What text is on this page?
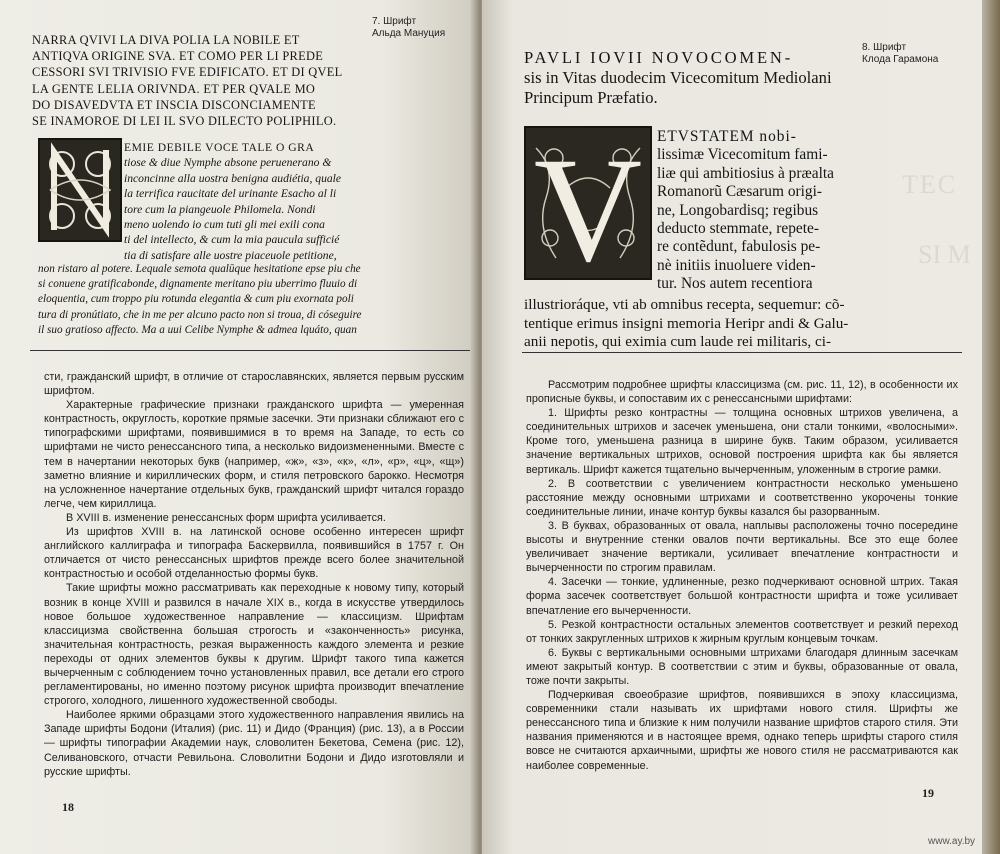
7. Шрифт
Альда Мануция
NARRA QVIVI LA DIVA POLIA LA NOBILE ET
ANTIQVA ORIGINE SVA. ET COMO PER LI PREDE
CESSORI SVI TRIVISIO FVE EDIFICATO. ET DI QVEL
LA GENTE LELIA ORIVNDA. ET PER QVALE MO
DO DISAVEDVTA ET INSCIA DISCONCIAMENTE
SE INAMOROE DI LEI IL SVO DILECTO POLIPHILO.
EMIE DEBILE VOCE TALE O GRA
tiose & diue Nymphe absone peruenerano &
inconcinne alla uostra benigna audiétia, quale
la terrifica raucitate del urinante Esacho al li
tore cum la piangeuole Philomela. Nondi
meno uolendo io cum tuti gli mei exili cona
ti del intellecto, & cum la mia paucula sufficié
tia di satisfare alle uostre piaceuole petitione,
non ristaro al potere. Lequale semota qualūque hesitatione epse piu che
si conuene gratificabonde, dignamente meritano piu uberrimo fluuio di
eloquentia, cum troppo piu rotunda elegantia & cum piu exornata poli
tura di pronútiato, che in me per alcuno pacto non si troua, di cóseguire
il suo gratioso affecto. Ma a uui Celibe Nymphe & admea lquáto, quan

сти, гражданский шрифт, в отличие от старославянских, является первым русским шрифтом.

Характерные графические признаки гражданского шрифта — умеренная контрастность, округлость, короткие прямые засечки. Эти признаки сближают его с типографскими шрифтами, появившимися в то время на Западе, то есть со шрифтами не чисто ренессансного типа, а несколько видоизмененными. Вместе с тем в начертании некоторых букв (например, «ж», «з», «к», «л», «р», «ц», «щ») заметно влияние и кириллических форм, и стиля петровского барокко. Несмотря на усложненное начертание отдельных букв, гражданский шрифт читался гораздо легче, чем кириллица.

В XVIII в. изменение ренессансных форм шрифта усиливается.

Из шрифтов XVIII в. на латинской основе особенно интересен шрифт английского каллиграфа и типографа Баскервилла, появившийся в 1757 г. Он отличается от чисто ренессансных шрифтов прежде всего более значительной контрастностью и особой отделанностью формы букв.

Такие шрифты можно рассматривать как переходные к новому типу, который возник в конце XVIII и развился в начале XIX в., когда в искусстве утвердилось новое большое художественное направление — классицизм. Шрифтам классицизма свойственна большая строгость и «законченность» рисунка, значительная контрастность, резкая выраженность каждого элемента и резкие переходы от одних элементов буквы к другим. Шрифт такого типа кажется вычерченным с соблюдением точно установленных правил, все детали его строго регламентированы, но именно поэтому рисунок шрифта производит впечатление строгого, холодного, лишенного художественной свободы.

Наиболее яркими образцами этого художественного направления явились на Западе шрифты Бодони (Италия) (рис. 11) и Дидо (Франция) (рис. 13), а в России — шрифты типографии Академии наук, словолитен Бекетова, Семена (рис. 12), Селивановского, отчасти Ревильона. Словолитни Бодони и Дидо изготовляли и русские шрифты.

18
8. Шрифт
Клода Гарамона
PAVLI IOVII NOVOCOMEN-
sis in Vitas duodecim Vicecomitum Mediolani
Principum Præfatio.
V ETVSTATEM nobi-
lissimæ Vicecomitum fami-
liæ qui ambitiosius à præalta
Romanorũ Cæsarum origi-
ne, Longobardisq; regibus
deducto stemmate, repete-
re contẽdunt, fabulosis pe-
nè initiis inuoluere viden-
tur. Nos autem recentiora
illustrioráque, vti ab omnibus recepta, sequemur: cõ-
tentique erimus insigni memoria Heripr andi & Galu-
anii nepotis, qui eximia cum laude rei militaris, ci-
TEC
SI M

Рассмотрим подробнее шрифты классицизма (см. рис. 11, 12), в особенности их прописные буквы, и сопоставим их с ренессансными шрифтами:

1. Шрифты резко контрастны — толщина основных штрихов увеличена, а соединительных штрихов и засечек уменьшена, они стали тонкими, «волосными». Кроме того, уменьшена разница в ширине букв. Таким образом, усиливается значение вертикальных штрихов, основой построения шрифта как бы является вертикаль. Шрифт кажется тщательно вычерченным, уложенным в строгие рамки.

2. В соответствии с увеличением контрастности несколько уменьшено расстояние между основными штрихами и соответственно укорочены тонкие соединительные линии, иначе контур буквы казался бы разорванным.

3. В буквах, образованных от овала, наплывы расположены точно посередине высоты и внутренние стенки овалов почти вертикальны. Все это еще более увеличивает значение вертикали, усиливает впечатление контрастности и вычерченности по строгим правилам.

4. Засечки — тонкие, удлиненные, резко подчеркивают основной штрих. Такая форма засечек соответствует большой контрастности шрифта и тоже усиливает впечатление его вычерченности.

5. Резкой контрастности остальных элементов соответствует и резкий переход от тонких закругленных штрихов к жирным круглым концевым точкам.

6. Буквы с вертикальными основными штрихами благодаря длинным засечкам имеют закрытый контур. В соответствии с этим и буквы, образованные от овала, тоже почти закрыты.

Подчеркивая своеобразие шрифтов, появившихся в эпоху классицизма, современники стали называть их шрифтами нового стиля. Шрифты же ренессансного типа и близкие к ним получили название шрифтов старого стиля. Эти названия применяются и в настоящее время, однако теперь шрифты старого стиля вовсе не считаются архаичными, шрифты же нового стиля не рассматриваются как наиболее современные.

19
www.ay.by
